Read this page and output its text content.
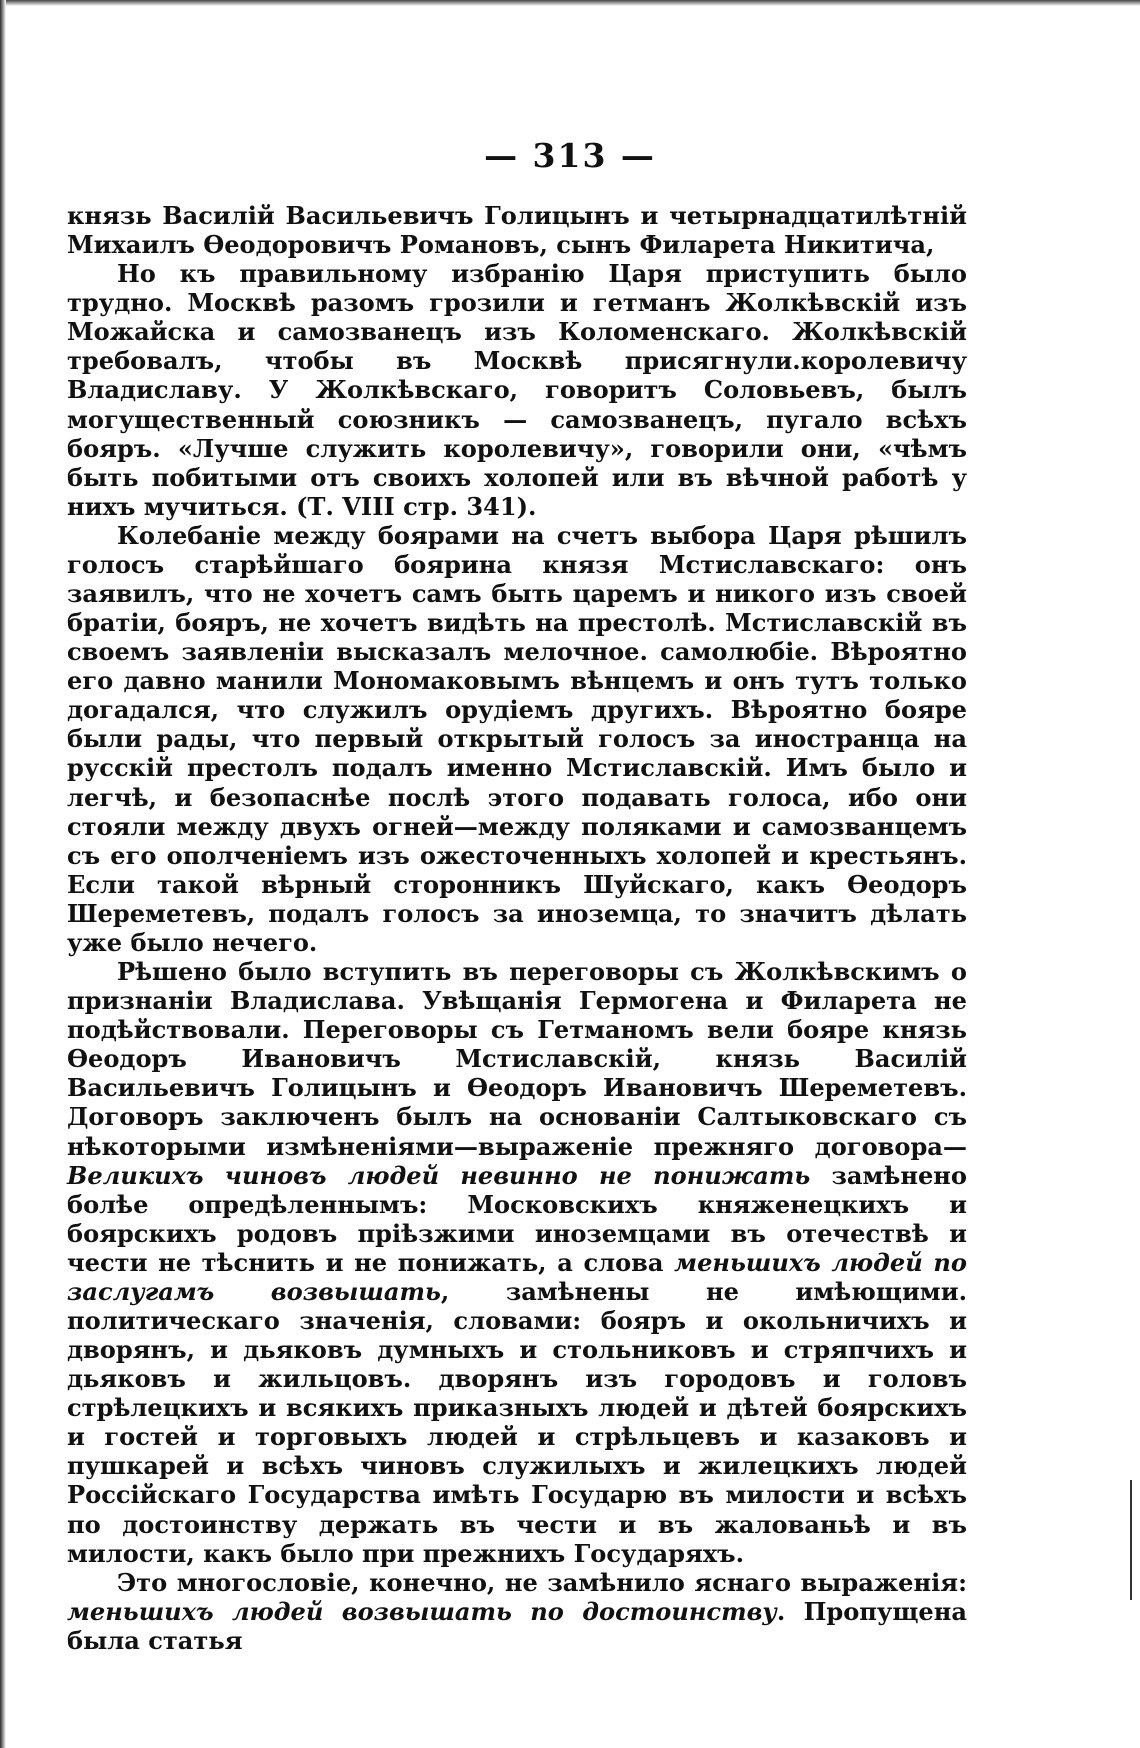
— 313 —

князь Василiй Васильевичъ Голицынъ и четырнадцатилѣтнiй Михаилъ Ѳеодоровичъ Романовъ, сынъ Филарета Никитича,

Но къ правильному избранiю Царя приступить было трудно. Москвѣ разомъ грозили и гетманъ Жолкѣвскiй изъ Можайска и самозванецъ изъ Коломенскаго. Жолкѣвскiй требовалъ, чтобы въ Москвѣ присягнули.королевичу Владиславу. У Жолкѣвскаго, говоритъ Соловьевъ, былъ могущественный союзникъ — самозванецъ, пугало всѣхъ бояръ. «Лучше служить королевичу», говорили они, «чѣмъ быть побитыми отъ своихъ холопей или въ вѣчной работѣ у нихъ мучиться. (Т. VIII стр. 341).

Колебанiе между боярами на счетъ выбора Царя рѣшилъ голосъ старѣйшаго боярина князя Мстиславскаго: онъ заявилъ, что не хочетъ самъ быть царемъ и никого изъ своей братiи, бояръ, не хочетъ видѣть на престолѣ. Мстиславскiй въ своемъ заявленiи высказалъ мелочное. самолюбiе. Вѣроятно его давно манили Мономаковымъ вѣнцемъ и онъ тутъ только догадался, что служилъ орудiемъ другихъ. Вѣроятно бояре были рады, что первый открытый голосъ за иностранца на русскiй престолъ подалъ именно Мстиславскiй. Имъ было и легчѣ, и безопаснѣе послѣ этого подавать голоса, ибо они стояли между двухъ огней—между поляками и самозванцемъ съ его ополченiемъ изъ ожесточенныхъ холопей и крестьянъ. Если такой вѣрный сторонникъ Шуйскаго, какъ Ѳеодоръ Шереметевъ, подалъ голосъ за иноземца, то значитъ дѣлать уже было нечего.

Рѣшено было вступить въ переговоры съ Жолкѣвскимъ о признанiи Владислава. Увѣщанiя Гермогена и Филарета не подѣйствовали. Переговоры съ Гетманомъ вели бояре князь Ѳеодоръ Ивановичъ Мстиславскiй, князь Василiй Васильевичъ Голицынъ и Ѳеодоръ Ивановичъ Шереметевъ. Договоръ заключенъ былъ на основанiи Салтыковскаго съ нѣкоторыми измѣненiями—выраженiе прежняго договора—Великихъ чиновъ людей невинно не понижать замѣнено болѣе опредѣленнымъ: Московскихъ княженецкихъ и боярскихъ родовъ прiѣзжими иноземцами въ отечествѣ и чести не тѣснить и не понижать, а слова меньшихъ людей по заслугамъ возвышать, замѣнены не имѣющими. политическаго значенiя, словами: бояръ и окольничихъ и дворянъ, и дьяковъ думныхъ и стольниковъ и стряпчихъ и дьяковъ и жильцовъ. дворянъ изъ городовъ и головъ стрѣлецкихъ и всякихъ приказныхъ людей и дѣтей боярскихъ и гостей и торговыхъ людей и стрѣльцевъ и казаковъ и пушкарей и всѣхъ чиновъ служилыхъ и жилецкихъ людей Россiйскаго Государства имѣть Государю въ милости и всѣхъ по достоинству держать въ чести и въ жалованьѣ и въ милости, какъ было при прежнихъ Государяхъ.

Это многословiе, конечно, не замѣнило яснаго выраженiя: меньшихъ людей возвышать по достоинству. Пропущена была статья
